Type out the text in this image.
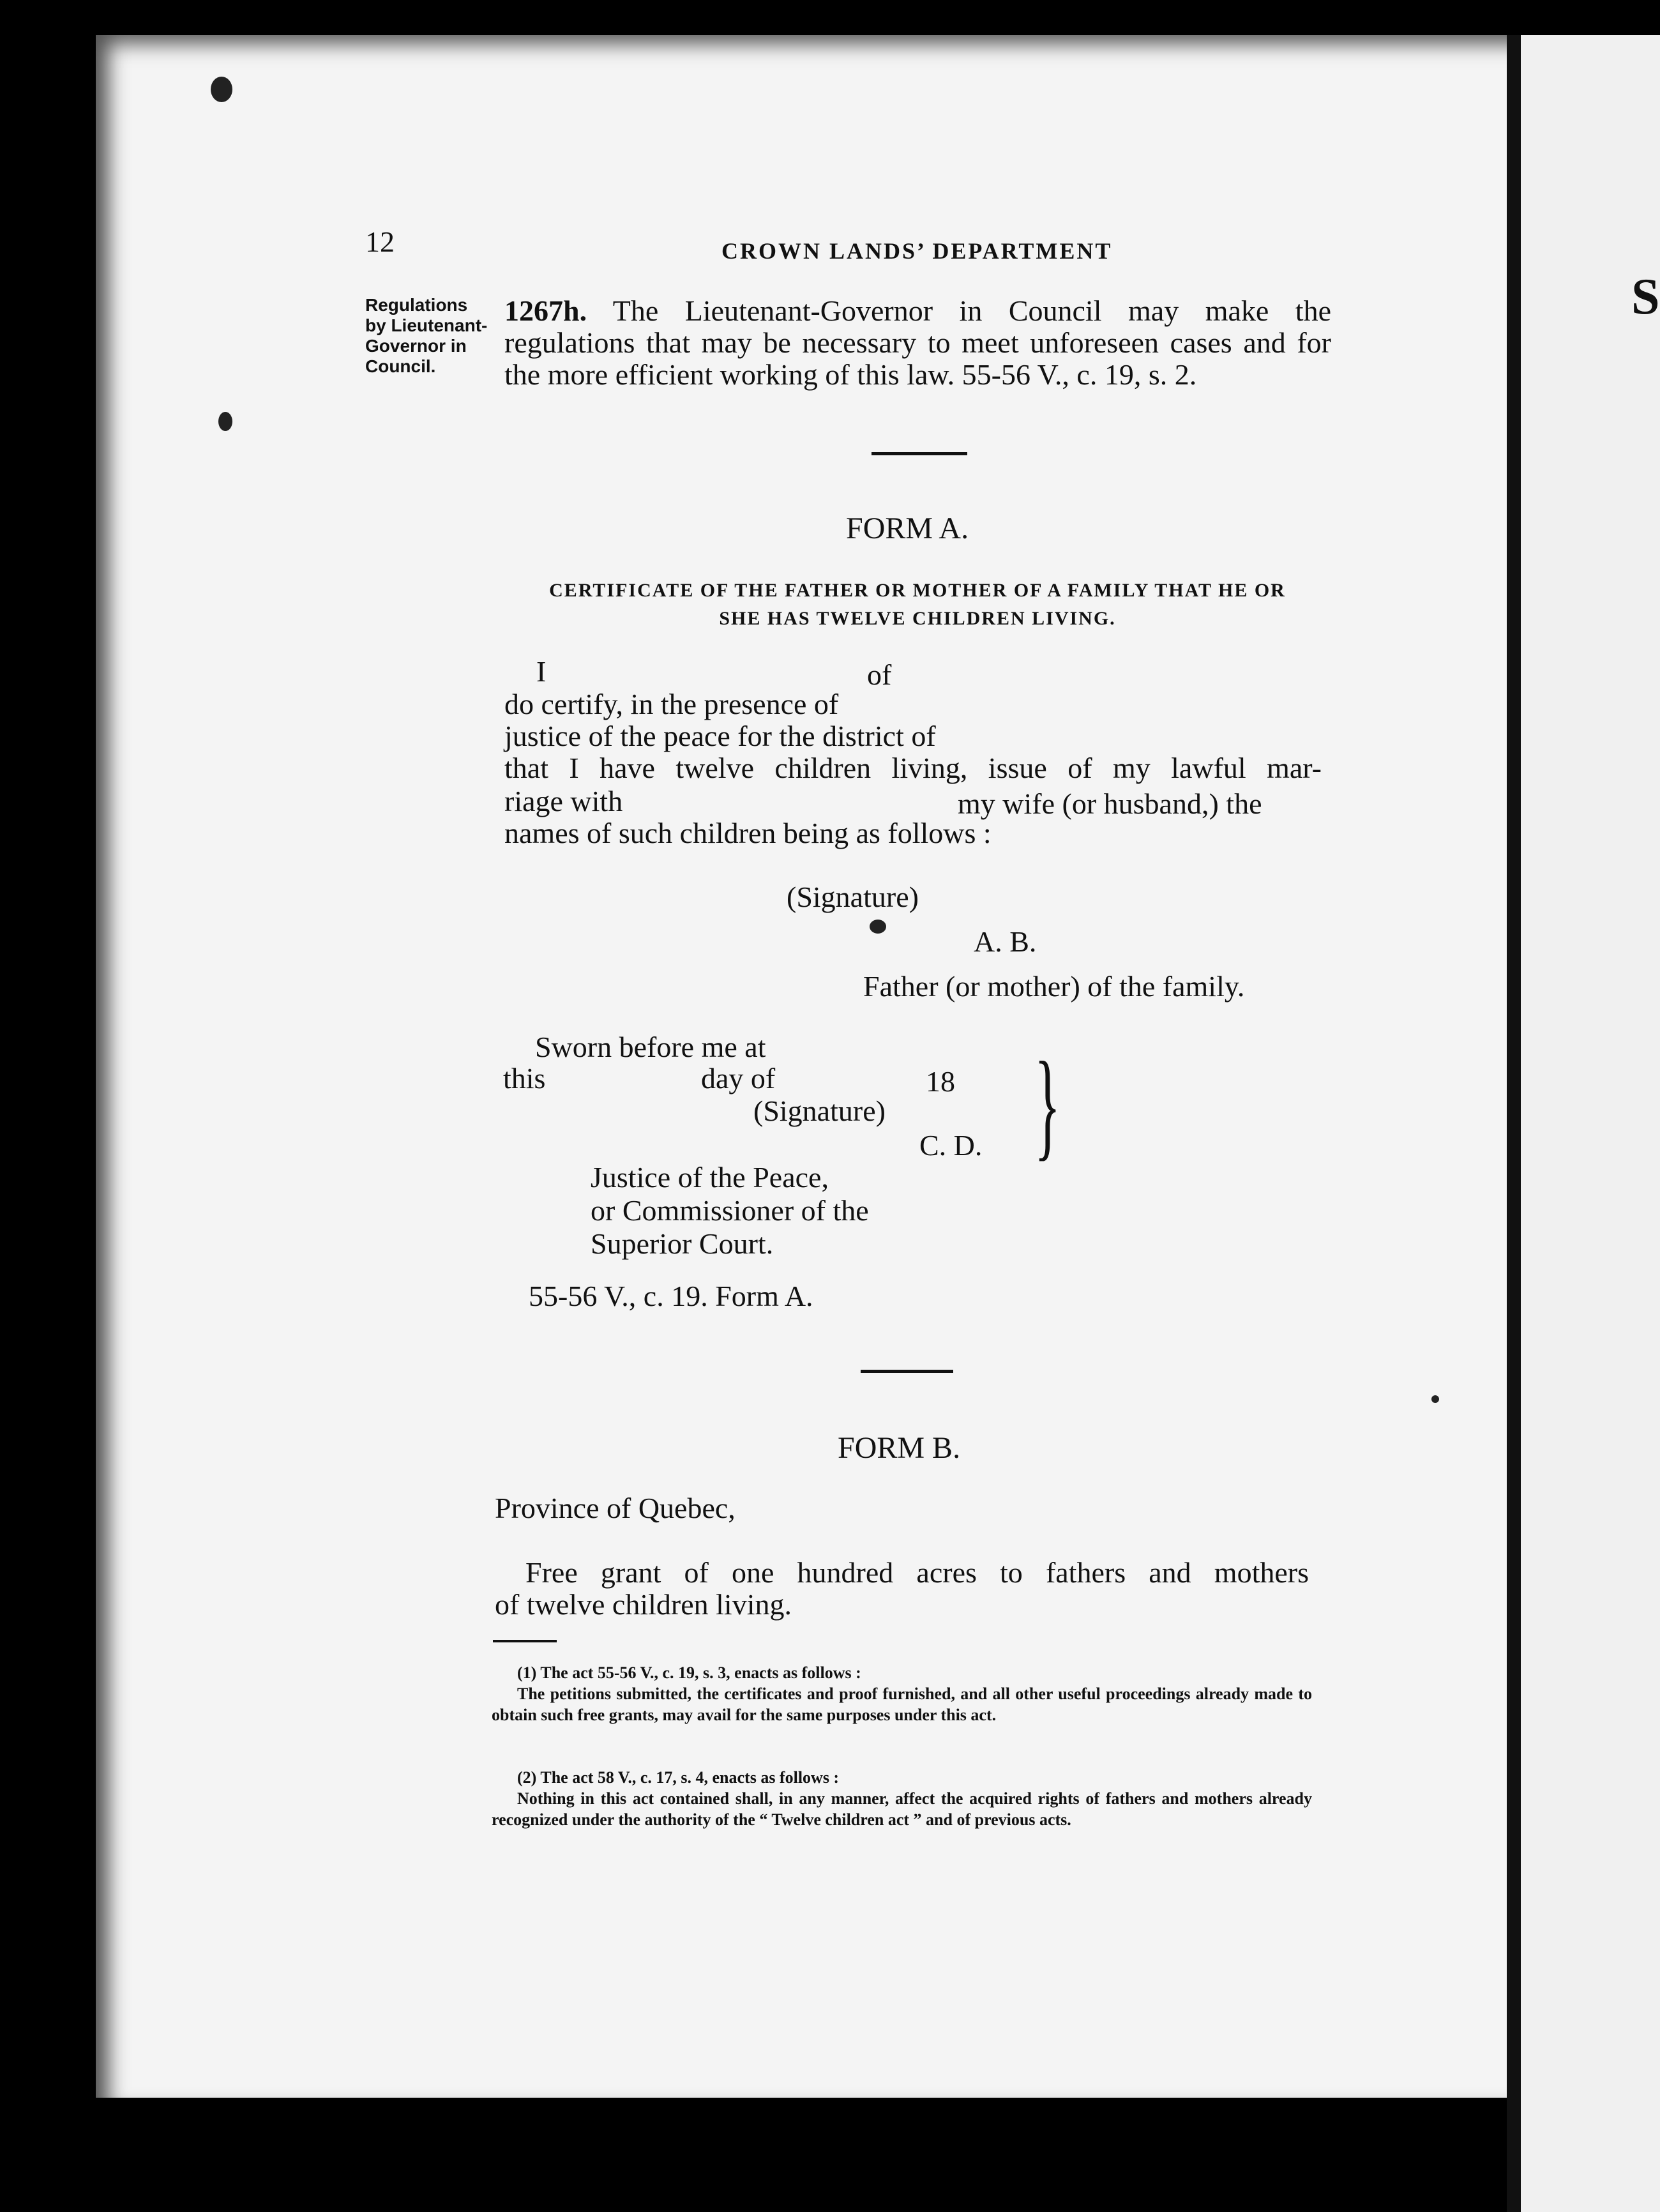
S
12	CROWN LANDS’ DEPARTMENT
Regulations
by Lieutenant-
Governor in
Council.
1267h. The Lieutenant-Governor in Council may make the regulations that may be necessary to meet unforeseen cases and for the more efficient working of this law. 55-56 V., c. 19, s. 2.
FORM A.
CERTIFICATE OF THE FATHER OR MOTHER OF A FAMILY THAT HE OR
SHE HAS TWELVE CHILDREN LIVING.
I	of
do certify, in the presence of
justice of the peace for the district of
that I have twelve children living, issue of my lawful mar-
riage with	my wife (or husband,) the
names of such children being as follows :
(Signature)
A. B.
Father (or mother) of the family.
Sworn before me at
this	day of	18
(Signature)
C. D. }
Justice of the Peace,
or Commissioner of the
Superior Court.
55-56 V., c. 19. Form A.
FORM B.
Province of Quebec,
Free grant of one hundred acres to fathers and mothers
of twelve children living.
(1) The act 55-56 V., c. 19, s. 3, enacts as follows :
The petitions submitted, the certificates and proof furnished, and all other useful proceedings already made to obtain such free grants, may avail for the same purposes under this act.
(2) The act 58 V., c. 17, s. 4, enacts as follows :
Nothing in this act contained shall, in any manner, affect the acquired rights of fathers and mothers already recognized under the authority of the “ Twelve children act ” and of previous acts.
